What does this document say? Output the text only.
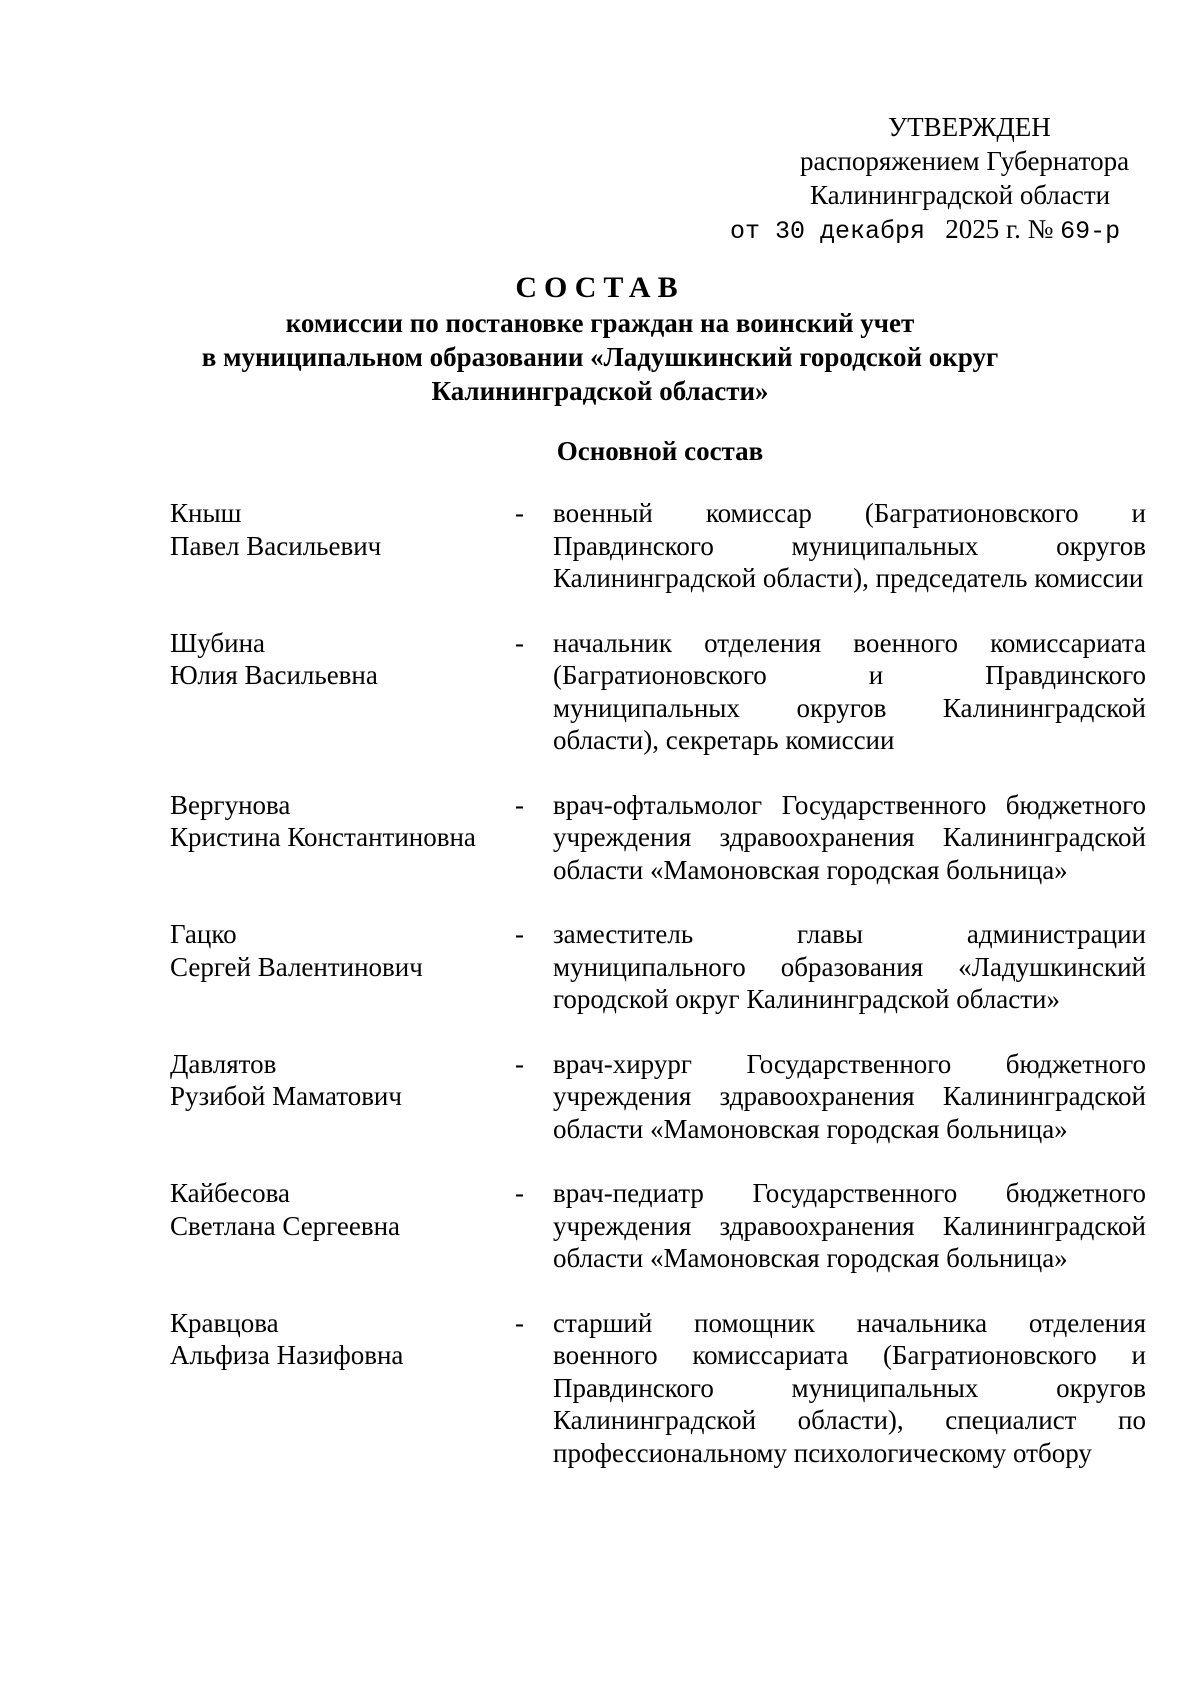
УТВЕРЖДЕН
распоряжением Губернатора
Калининградской области
от 30 декабря 2025 г. № 69-р
СОСТАВ
комиссии по постановке граждан на воинский учет
в муниципальном образовании «Ладушкинский городской округ
Калининградской области»
Основной состав
Кныш
Павел Васильевич
-	военный комиссар (Багратионовского и Правдинского муниципальных округов Калининградской области), председатель комиссии
Шубина
Юлия Васильевна
-	начальник отделения военного комиссариата (Багратионовского и Правдинского муниципальных округов Калининградской области), секретарь комиссии
Вергунова
Кристина Константиновна
-	врач-офтальмолог Государственного бюджетного учреждения здравоохранения Калининградской области «Мамоновская городская больница»
Гацко
Сергей Валентинович
-	заместитель главы администрации муниципального образования «Ладушкинский городской округ Калининградской области»
Давлятов
Рузибой Маматович
-	врач-хирург Государственного бюджетного учреждения здравоохранения Калининградской области «Мамоновская городская больница»
Кайбесова
Светлана Сергеевна
-	врач-педиатр Государственного бюджетного учреждения здравоохранения Калининградской области «Мамоновская городская больница»
Кравцова
Альфиза Назифовна
-	старший помощник начальника отделения военного комиссариата (Багратионовского и Правдинского муниципальных округов Калининградской области), специалист по профессиональному психологическому отбору
